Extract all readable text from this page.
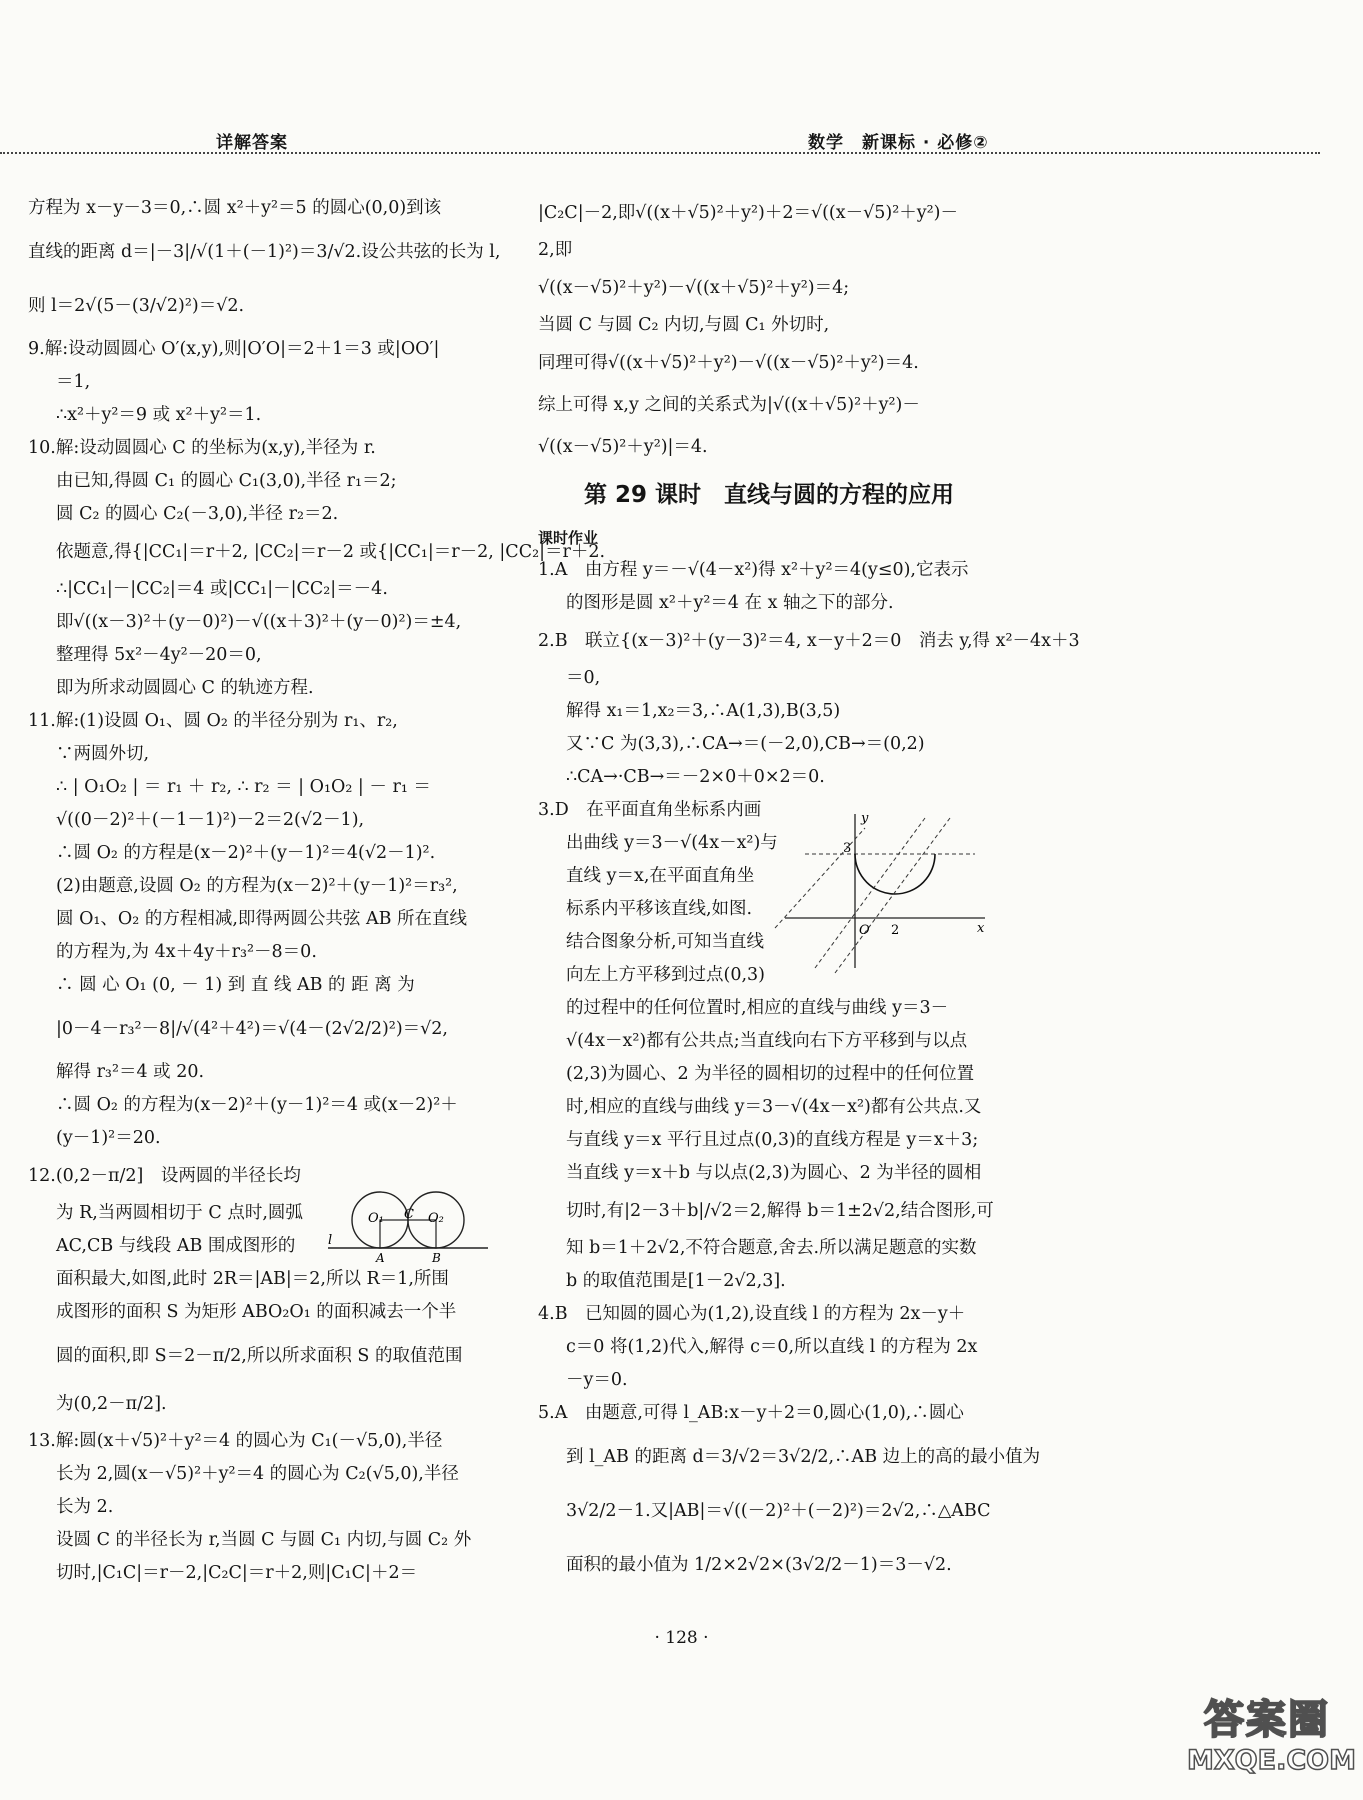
详解答案	数学　新课标 · 必修②
方程为 x－y－3＝0,∴圆 x²＋y²＝5 的圆心(0,0)到该
直线的距离 d＝|－3|/√(1＋(－1)²)＝3/√2.设公共弦的长为 l,
则 l＝2√(5－(3/√2)²)＝√2.
9.解:设动圆圆心 O′(x,y),则|O′O|＝2＋1＝3 或|OO′|
＝1,
∴x²＋y²＝9 或 x²＋y²＝1.
10.解:设动圆圆心 C 的坐标为(x,y),半径为 r.
由已知,得圆 C₁ 的圆心 C₁(3,0),半径 r₁＝2;
圆 C₂ 的圆心 C₂(－3,0),半径 r₂＝2.
依题意,得{|CC₁|＝r＋2, |CC₂|＝r－2 或{|CC₁|＝r－2, |CC₂|＝r＋2.
∴|CC₁|－|CC₂|＝4 或|CC₁|－|CC₂|＝－4.
即√((x－3)²＋(y－0)²)－√((x＋3)²＋(y－0)²)＝±4,
整理得 5x²－4y²－20＝0,
即为所求动圆圆心 C 的轨迹方程.
11.解:(1)设圆 O₁、圆 O₂ 的半径分别为 r₁、r₂,
∵两圆外切,
∴ | O₁O₂ | ＝ r₁ ＋ r₂, ∴ r₂ ＝ | O₁O₂ | － r₁ ＝
√((0－2)²＋(－1－1)²)－2＝2(√2－1),
∴圆 O₂ 的方程是(x－2)²＋(y－1)²＝4(√2－1)².
(2)由题意,设圆 O₂ 的方程为(x－2)²＋(y－1)²＝r₃²,
圆 O₁、O₂ 的方程相减,即得两圆公共弦 AB 所在直线
的方程为,为 4x＋4y＋r₃²－8＝0.
∴ 圆 心 O₁ (0, － 1) 到 直 线 AB 的 距 离 为
|0－4－r₃²－8|/√(4²＋4²)＝√(4－(2√2/2)²)＝√2,
解得 r₃²＝4 或 20.
∴圆 O₂ 的方程为(x－2)²＋(y－1)²＝4 或(x－2)²＋
(y－1)²＝20.
12.(0,2－π/2]　设两圆的半径长均
为 R,当两圆相切于 C 点时,圆弧
AC,CB 与线段 AB 围成图形的
面积最大,如图,此时 2R＝|AB|＝2,所以 R＝1,所围
成图形的面积 S 为矩形 ABO₂O₁ 的面积减去一个半
圆的面积,即 S＝2－π/2,所以所求面积 S 的取值范围
为(0,2－π/2].
13.解:圆(x＋√5)²＋y²＝4 的圆心为 C₁(－√5,0),半径
长为 2,圆(x－√5)²＋y²＝4 的圆心为 C₂(√5,0),半径
长为 2.
设圆 C 的半径长为 r,当圆 C 与圆 C₁ 内切,与圆 C₂ 外
切时,|C₁C|＝r－2,|C₂C|＝r＋2,则|C₁C|＋2＝
O₁ C O₂
l
A	B
|C₂C|－2,即√((x＋√5)²＋y²)＋2＝√((x－√5)²＋y²)－
2,即
√((x－√5)²＋y²)－√((x＋√5)²＋y²)＝4;
当圆 C 与圆 C₂ 内切,与圆 C₁ 外切时,
同理可得√((x＋√5)²＋y²)－√((x－√5)²＋y²)＝4.
综上可得 x,y 之间的关系式为|√((x＋√5)²＋y²)－
√((x－√5)²＋y²)|＝4.
第 29 课时　直线与圆的方程的应用
课时作业
1.A　由方程 y＝－√(4－x²)得 x²＋y²＝4(y≤0),它表示
的图形是圆 x²＋y²＝4 在 x 轴之下的部分.
2.B　联立{(x－3)²＋(y－3)²＝4, x－y＋2＝0　消去 y,得 x²－4x＋3
＝0,
解得 x₁＝1,x₂＝3,∴A(1,3),B(3,5)
又∵C 为(3,3),∴CA→＝(－2,0),CB→＝(0,2)
∴CA→·CB→＝－2×0＋0×2＝0.
3.D　在平面直角坐标系内画
出曲线 y＝3－√(4x－x²)与
直线 y＝x,在平面直角坐
标系内平移该直线,如图.
结合图象分析,可知当直线
向左上方平移到过点(0,3)
的过程中的任何位置时,相应的直线与曲线 y＝3－
√(4x－x²)都有公共点;当直线向右下方平移到与以点
(2,3)为圆心、2 为半径的圆相切的过程中的任何位置
时,相应的直线与曲线 y＝3－√(4x－x²)都有公共点.又
与直线 y＝x 平行且过点(0,3)的直线方程是 y＝x＋3;
当直线 y＝x＋b 与以点(2,3)为圆心、2 为半径的圆相
切时,有|2－3＋b|/√2＝2,解得 b＝1±2√2,结合图形,可
知 b＝1＋2√2,不符合题意,舍去.所以满足题意的实数
b 的取值范围是[1－2√2,3].
4.B　已知圆的圆心为(1,2),设直线 l 的方程为 2x－y＋
c＝0 将(1,2)代入,解得 c＝0,所以直线 l 的方程为 2x
－y＝0.
5.A　由题意,可得 l_AB:x－y＋2＝0,圆心(1,0),∴圆心
到 l_AB 的距离 d＝3/√2＝3√2/2,∴AB 边上的高的最小值为
3√2/2－1.又|AB|＝√((－2)²＋(－2)²)＝2√2,∴△ABC
面积的最小值为 1/2×2√2×(3√2/2－1)＝3－√2.
y
3
O 2	x
· 128 ·
答案圈
MXQE.COM
